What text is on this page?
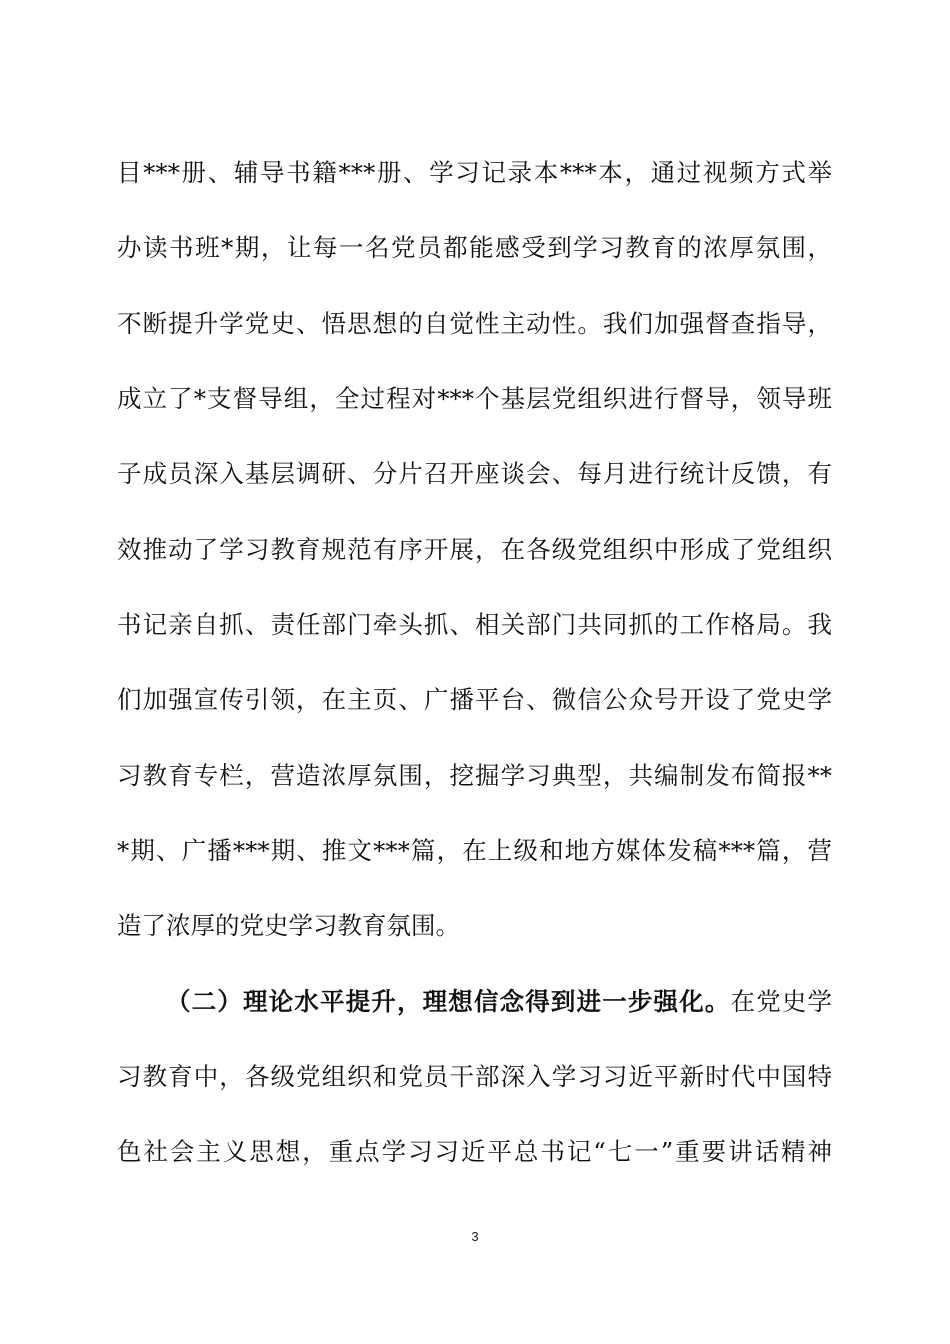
目***册、辅导书籍***册、学习记录本***本，通过视频方式举
办读书班*期，让每一名党员都能感受到学习教育的浓厚氛围，
不断提升学党史、悟思想的自觉性主动性。我们加强督查指导，
成立了*支督导组，全过程对***个基层党组织进行督导，领导班
子成员深入基层调研、分片召开座谈会、每月进行统计反馈，有
效推动了学习教育规范有序开展，在各级党组织中形成了党组织
书记亲自抓、责任部门牵头抓、相关部门共同抓的工作格局。我
们加强宣传引领，在主页、广播平台、微信公众号开设了党史学
习教育专栏，营造浓厚氛围，挖掘学习典型，共编制发布简报**
*期、广播***期、推文***篇，在上级和地方媒体发稿***篇，营
造了浓厚的党史学习教育氛围。
（二）理论水平提升，理想信念得到进一步强化。在党史学
习教育中，各级党组织和党员干部深入学习习近平新时代中国特
色社会主义思想，重点学习习近平总书记“七一”重要讲话精神
3
